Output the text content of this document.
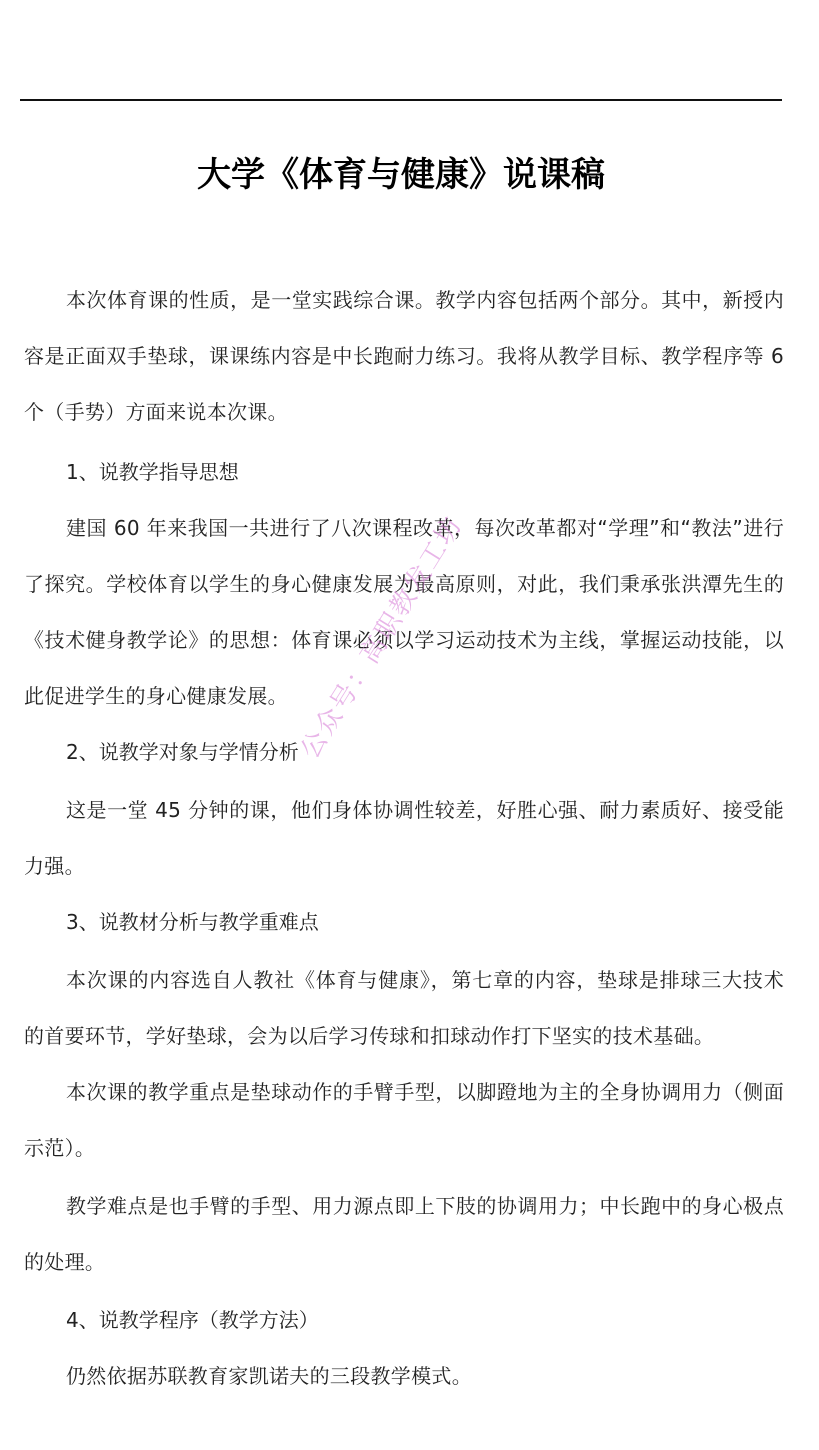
大学《体育与健康》说课稿

本次体育课的性质，是一堂实践综合课。教学内容包括两个部分。其中，新授内容是正面双手垫球，课课练内容是中长跑耐力练习。我将从教学目标、教学程序等 6 个（手势）方面来说本次课。

1、说教学指导思想

建国 60 年来我国一共进行了八次课程改革，每次改革都对“学理”和“教法”进行了探究。学校体育以学生的身心健康发展为最高原则，对此，我们秉承张洪潭先生的《技术健身教学论》的思想：体育课必须以学习运动技术为主线，掌握运动技能，以此促进学生的身心健康发展。

2、说教学对象与学情分析

这是一堂 45 分钟的课，他们身体协调性较差，好胜心强、耐力素质好、接受能力强。

3、说教材分析与教学重难点

本次课的内容选自人教社《体育与健康》，第七章的内容，垫球是排球三大技术的首要环节，学好垫球，会为以后学习传球和扣球动作打下坚实的技术基础。

本次课的教学重点是垫球动作的手臂手型，以脚蹬地为主的全身协调用力（侧面示范）。

教学难点是也手臂的手型、用力源点即上下肢的协调用力；中长跑中的身心极点的处理。

4、说教学程序（教学方法）

仍然依据苏联教育家凯诺夫的三段教学模式。

公众号：高职教发工坊
